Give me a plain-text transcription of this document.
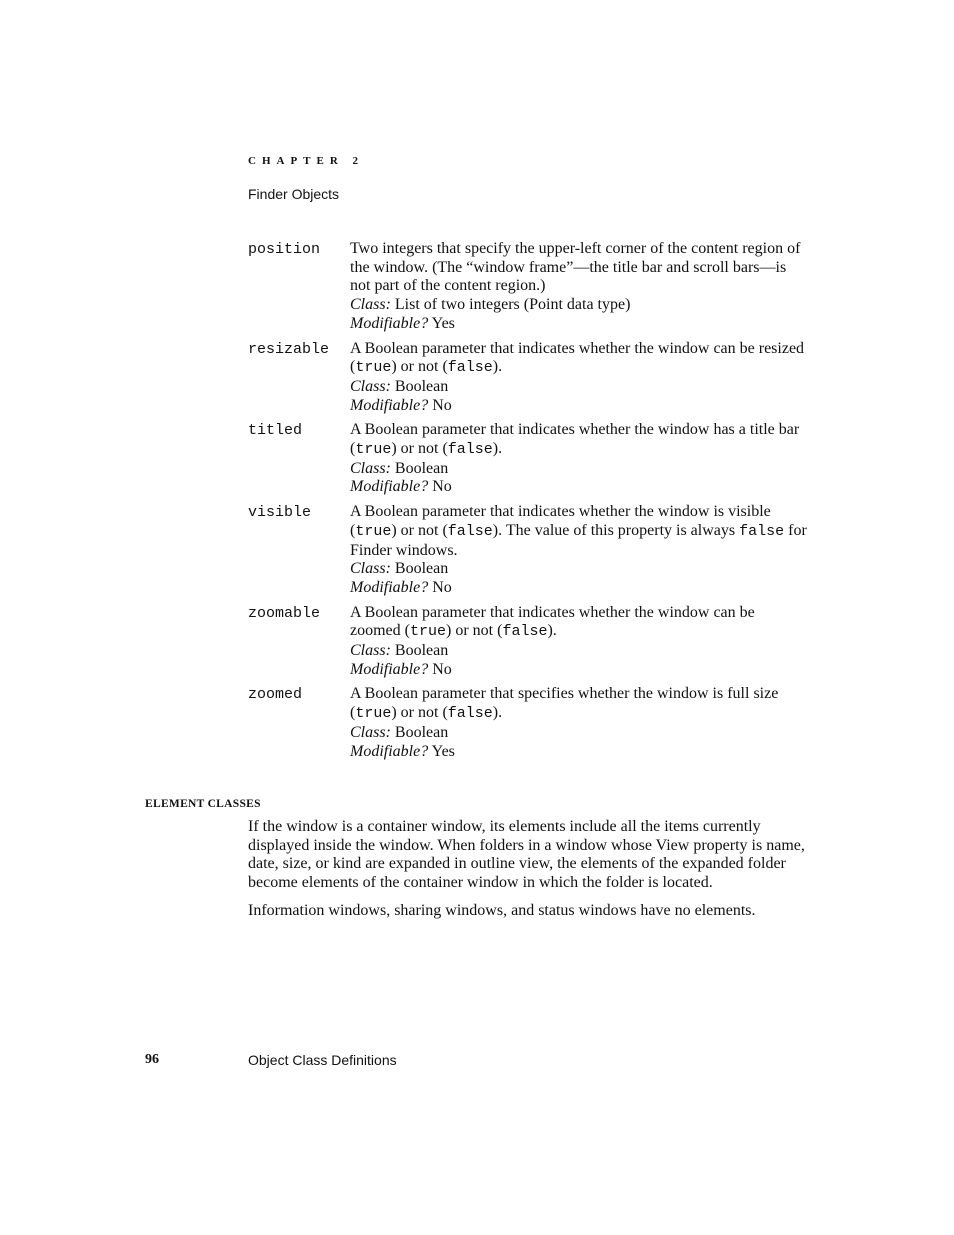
CHAPTER 2
Finder Objects
position	Two integers that specify the upper-left corner of the content region of the window. (The “window frame”—the title bar and scroll bars—is not part of the content region.)
Class: List of two integers (Point data type)
Modifiable? Yes
resizable	A Boolean parameter that indicates whether the window can be resized (true) or not (false).
Class: Boolean
Modifiable? No
titled	A Boolean parameter that indicates whether the window has a title bar (true) or not (false).
Class: Boolean
Modifiable? No
visible	A Boolean parameter that indicates whether the window is visible (true) or not (false). The value of this property is always false for Finder windows.
Class: Boolean
Modifiable? No
zoomable	A Boolean parameter that indicates whether the window can be zoomed (true) or not (false).
Class: Boolean
Modifiable? No
zoomed	A Boolean parameter that specifies whether the window is full size (true) or not (false).
Class: Boolean
Modifiable? Yes
ELEMENT CLASSES

If the window is a container window, its elements include all the items currently displayed inside the window. When folders in a window whose View property is name, date, size, or kind are expanded in outline view, the elements of the expanded folder become elements of the container window in which the folder is located.

Information windows, sharing windows, and status windows have no elements.

96	Object Class Definitions
